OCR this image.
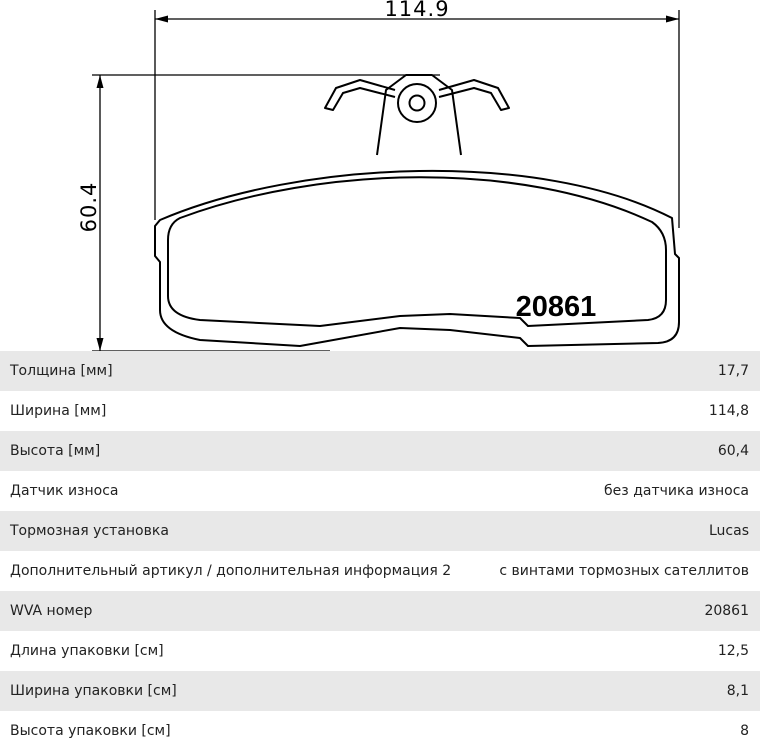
114.9
60.4
20861
Толщина [мм]	17,7
Ширина [мм]	114,8
Высота [мм]	60,4
Датчик износа	без датчика износа
Тормозная установка	Lucas
Дополнительный артикул / дополнительная информация 2	с винтами тормозных сателлитов
WVA номер	20861
Длина упаковки [см]	12,5
Ширина упаковки [см]	8,1
Высота упаковки [см]	8
